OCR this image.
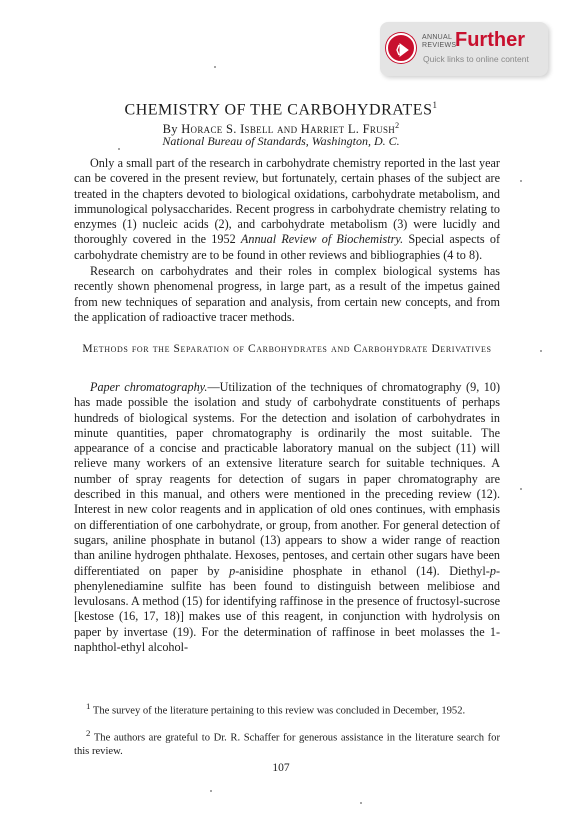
ANNUAL
REVIEWS
Further
Quick links to online content
CHEMISTRY OF THE CARBOHYDRATES$^1$
By Horace S. Isbell and Harriet L. Frush$^2$
National Bureau of Standards, Washington, D. C.
Only a small part of the research in carbohydrate chemistry reported in the last year can be covered in the present review, but fortunately, certain phases of the subject are treated in the chapters devoted to biological oxidations, carbohydrate metabolism, and immunological polysaccharides. Recent progress in carbohydrate chemistry relating to enzymes (1) nucleic acids (2), and carbohydrate metabolism (3) were lucidly and thoroughly covered in the 1952 Annual Review of Biochemistry. Special aspects of carbohydrate chemistry are to be found in other reviews and bibliographies (4 to 8).
Research on carbohydrates and their roles in complex biological systems has recently shown phenomenal progress, in large part, as a result of the impetus gained from new techniques of separation and analysis, from certain new concepts, and from the application of radioactive tracer methods.
Methods for the Separation of Carbohydrates and Carbohydrate Derivatives
Paper chromatography.—Utilization of the techniques of chromatography (9, 10) has made possible the isolation and study of carbohydrate constituents of perhaps hundreds of biological systems. For the detection and isolation of carbohydrates in minute quantities, paper chromatography is ordinarily the most suitable. The appearance of a concise and practicable laboratory manual on the subject (11) will relieve many workers of an extensive literature search for suitable techniques. A number of spray reagents for detection of sugars in paper chromatography are described in this manual, and others were mentioned in the preceding review (12). Interest in new color reagents and in application of old ones continues, with emphasis on differentiation of one carbohydrate, or group, from another. For general detection of sugars, aniline phosphate in butanol (13) appears to show a wider range of reaction than aniline hydrogen phthalate. Hexoses, pentoses, and certain other sugars have been differentiated on paper by p-anisidine phosphate in ethanol (14). Diethyl-p-phenylenediamine sulfite has been found to distinguish between melibiose and levulosans. A method (15) for identifying raffinose in the presence of fructosyl-sucrose [kestose (16, 17, 18)] makes use of this reagent, in conjunction with hydrolysis on paper by invertase (19). For the determination of raffinose in beet molasses the 1-naphthol-ethyl alcohol-
$^1$ The survey of the literature pertaining to this review was concluded in December, 1952.
$^2$ The authors are grateful to Dr. R. Schaffer for generous assistance in the literature search for this review.
107
